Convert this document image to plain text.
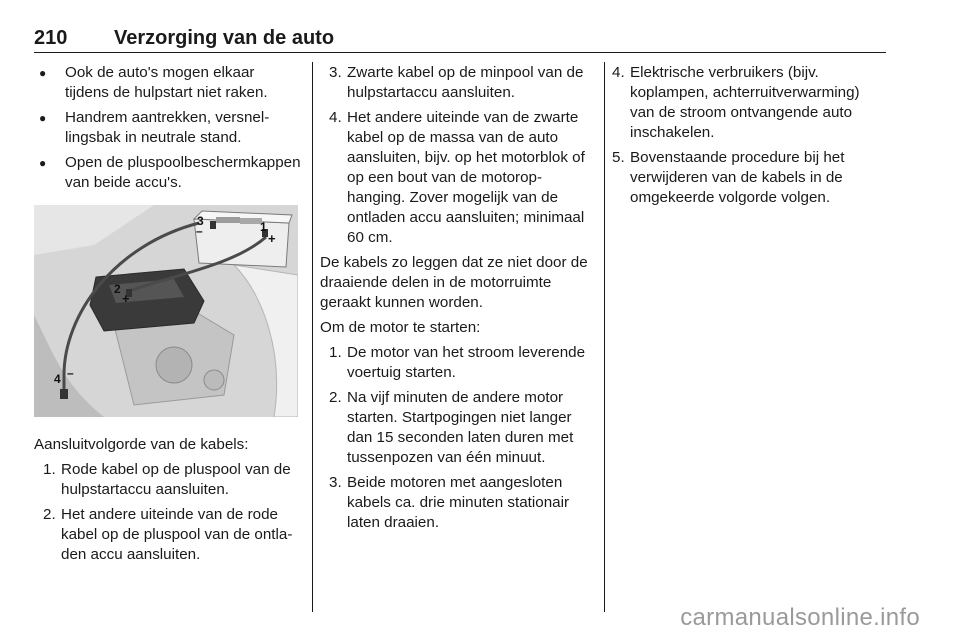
210 Verzorging van de auto
● Ook de auto's mogen elkaar tijdens de hulpstart niet raken.
● Handrem aantrekken, versnellingsbak in neutrale stand.
● Open de pluspoolbeschermkappen van beide accu's.
3
–	1
+
2
+
4 –

Aansluitvolgorde van de kabels:

1. Rode kabel op de pluspool van de hulpstartaccu aansluiten.
2. Het andere uiteinde van de rode kabel op de pluspool van de ontladen accu aansluiten.
3. Zwarte kabel op de minpool van de hulpstartaccu aansluiten.
4. Het andere uiteinde van de zwarte kabel op de massa van de auto aansluiten, bijv. op het motorblok of op een bout van de motorophanging. Zover mogelijk van de ontladen accu aansluiten; minimaal 60 cm.

De kabels zo leggen dat ze niet door de draaiende delen in de motorruimte geraakt kunnen worden.

Om de motor te starten:

1. De motor van het stroom leverende voertuig starten.
2. Na vijf minuten de andere motor starten. Startpogingen niet langer dan 15 seconden laten duren met tussenpozen van één minuut.
3. Beide motoren met aangesloten kabels ca. drie minuten stationair laten draaien.
4. Elektrische verbruikers (bijv. koplampen, achterruitverwarming) van de stroom ontvangende auto inschakelen.
5. Bovenstaande procedure bij het verwijderen van de kabels in de omgekeerde volgorde volgen.
carmanualsonline.info
